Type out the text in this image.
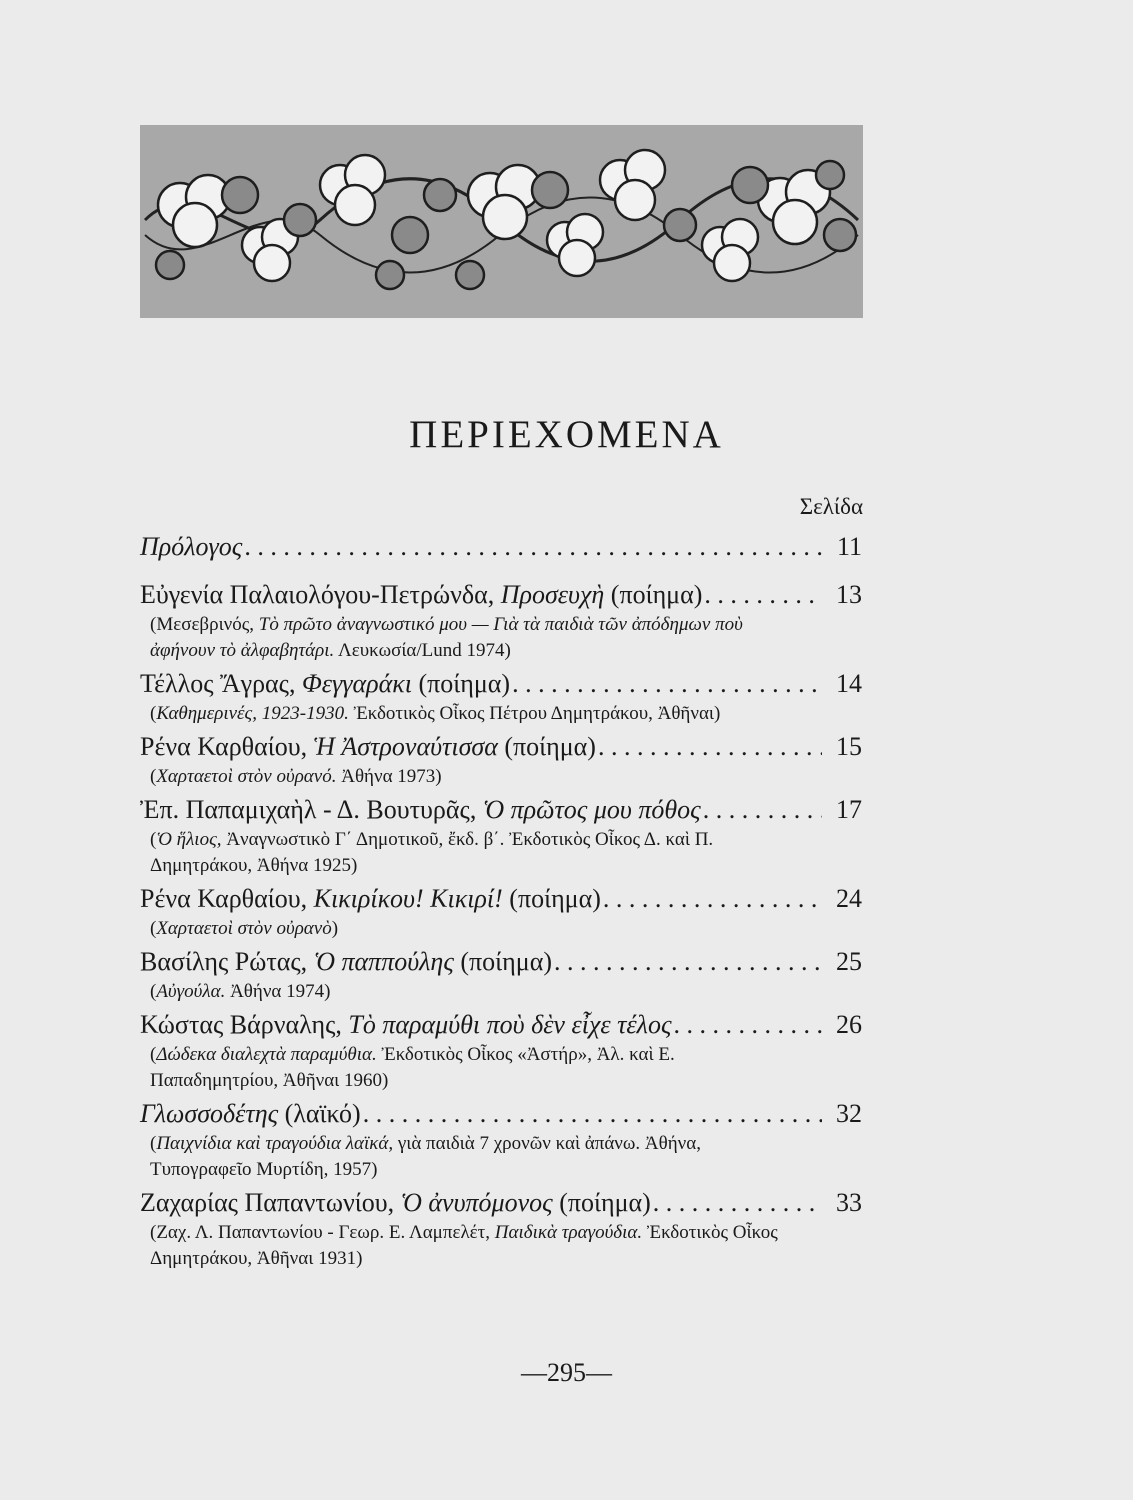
ΠΕΡΙΕΧΟΜΕΝΑ
Σελίδα
Πρόλογος . . .	11
Εὐγενία Παλαιολόγου-Πετρώνδα, Προσευχὴ (ποίημα) . . .	13
(Μεσεβρινός, Τὸ πρῶτο ἀναγνωστικό μου — Γιὰ τὰ παιδιὰ τῶν ἀπόδημων ποὺ ἀφήνουν τὸ ἀλφαβητάρι. Λευκωσία/Lund 1974)
Τέλλος Ἄγρας, Φεγγαράκι (ποίημα) . . .	14
(Καθημερινές, 1923-1930. Ἐκδοτικὸς Οἶκος Πέτρου Δημητράκου, Ἀθῆναι)
Ρένα Καρθαίου, Ἡ Ἀστροναύτισσα (ποίημα) . . .	15
(Χαρταετοὶ στὸν οὐρανό. Ἀθήνα 1973)
Ἐπ. Παπαμιχαὴλ - Δ. Βουτυρᾶς, Ὁ πρῶτος μου πόθος . . .	17
(Ὁ ἥλιος, Ἀναγνωστικὸ Γ΄ Δημοτικοῦ, ἔκδ. β΄. Ἐκδοτικὸς Οἶκος Δ. καὶ Π. Δημητράκου, Ἀθήνα 1925)
Ρένα Καρθαίου, Κικιρίκου! Κικιρί! (ποίημα) . . .	24
(Χαρταετοὶ στὸν οὐρανὸ)
Βασίλης Ρώτας, Ὁ παππούλης (ποίημα) . . .	25
(Αὐγούλα. Ἀθήνα 1974)
Κώστας Βάρναλης, Τὸ παραμύθι ποὺ δὲν εἶχε τέλος . . .	26
(Δώδεκα διαλεχτὰ παραμύθια. Ἐκδοτικὸς Οἶκος «Ἀστήρ», Ἀλ. καὶ Ε. Παπαδημητρίου, Ἀθῆναι 1960)
Γλωσσοδέτης (λαϊκό) . . .	32
(Παιχνίδια καὶ τραγούδια λαϊκά, γιὰ παιδιὰ 7 χρονῶν καὶ ἀπάνω. Ἀθήνα, Τυπογραφεῖο Μυρτίδη, 1957)
Ζαχαρίας Παπαντωνίου, Ὁ ἀνυπόμονος (ποίημα) . . .	33
(Ζαχ. Λ. Παπαντωνίου - Γεωρ. Ε. Λαμπελέτ, Παιδικὰ τραγούδια. Ἐκδοτικὸς Οἶκος Δημητράκου, Ἀθῆναι 1931)
—295—
